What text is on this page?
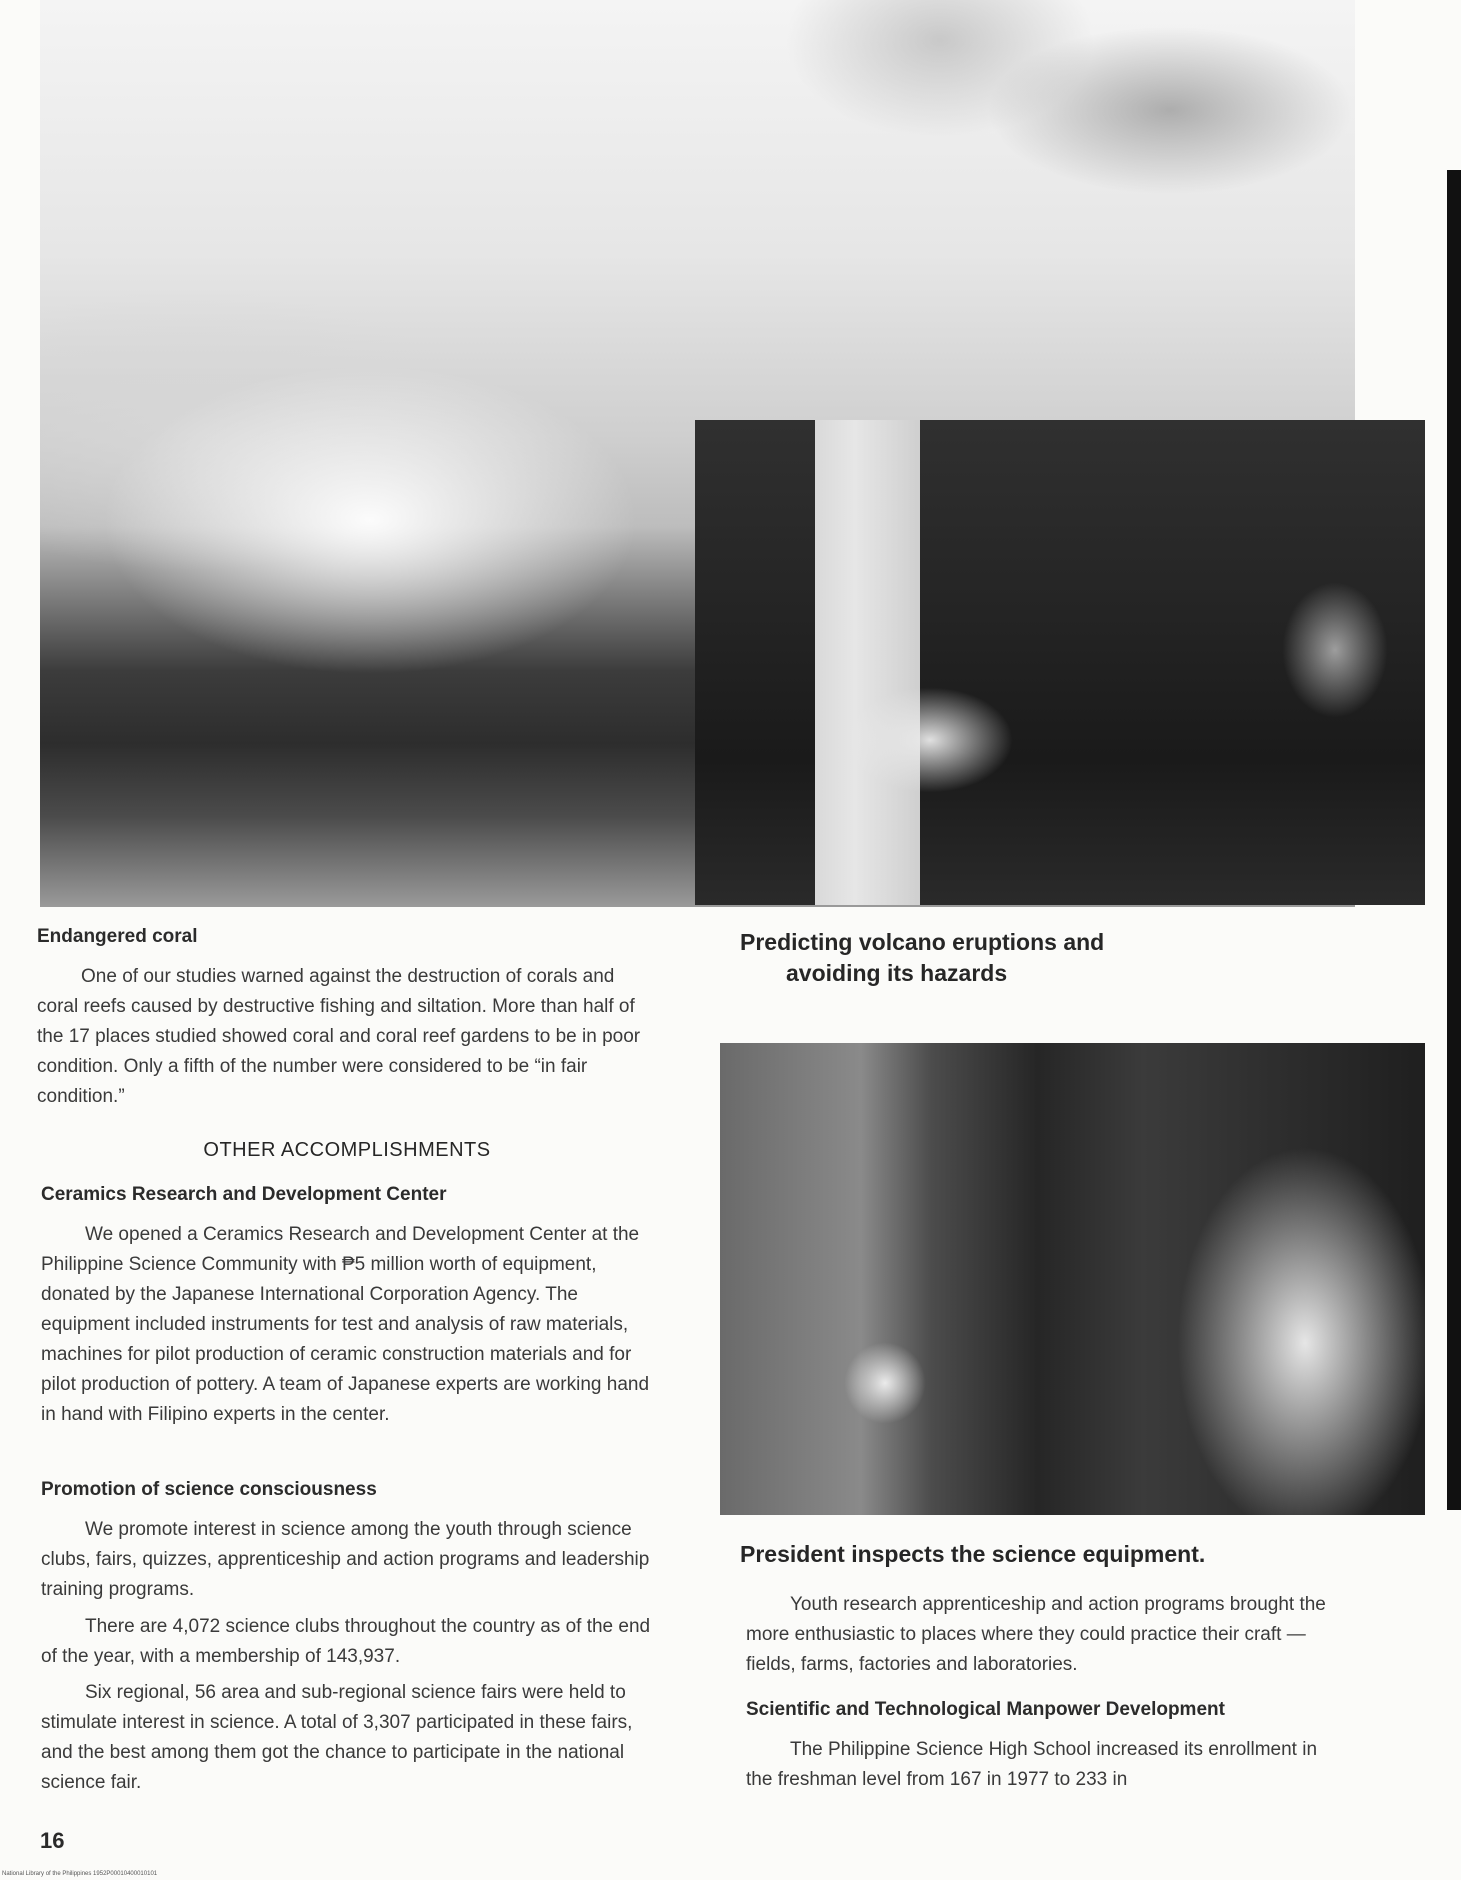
Predicting volcano eruptions and
avoiding its hazards

President inspects the science equipment.

Endangered coral

One of our studies warned against the destruction of corals and coral reefs caused by destructive fishing and siltation. More than half of the 17 places studied showed coral and coral reef gardens to be in poor condition. Only a fifth of the number were considered to be “in fair condition.”

OTHER ACCOMPLISHMENTS

Ceramics Research and Development Center

We opened a Ceramics Research and Development Center at the Philippine Science Community with ₱5 million worth of equipment, donated by the Japanese International Corporation Agency. The equipment included instruments for test and analysis of raw materials, machines for pilot production of ceramic construction materials and for pilot production of pottery. A team of Japanese experts are working hand in hand with Filipino experts in the center.

Promotion of science consciousness

We promote interest in science among the youth through science clubs, fairs, quizzes, apprenticeship and action programs and leadership training programs.

There are 4,072 science clubs throughout the country as of the end of the year, with a membership of 143,937.

Six regional, 56 area and sub-regional science fairs were held to stimulate interest in science. A total of 3,307 participated in these fairs, and the best among them got the chance to participate in the national science fair.

Youth research apprenticeship and action programs brought the more enthusiastic to places where they could practice their craft — fields, farms, factories and laboratories.

Scientific and Technological Manpower Development

The Philippine Science High School increased its enrollment in the freshman level from 167 in 1977 to 233 in

16
National Library of the Philippines 1952P00010400010101
